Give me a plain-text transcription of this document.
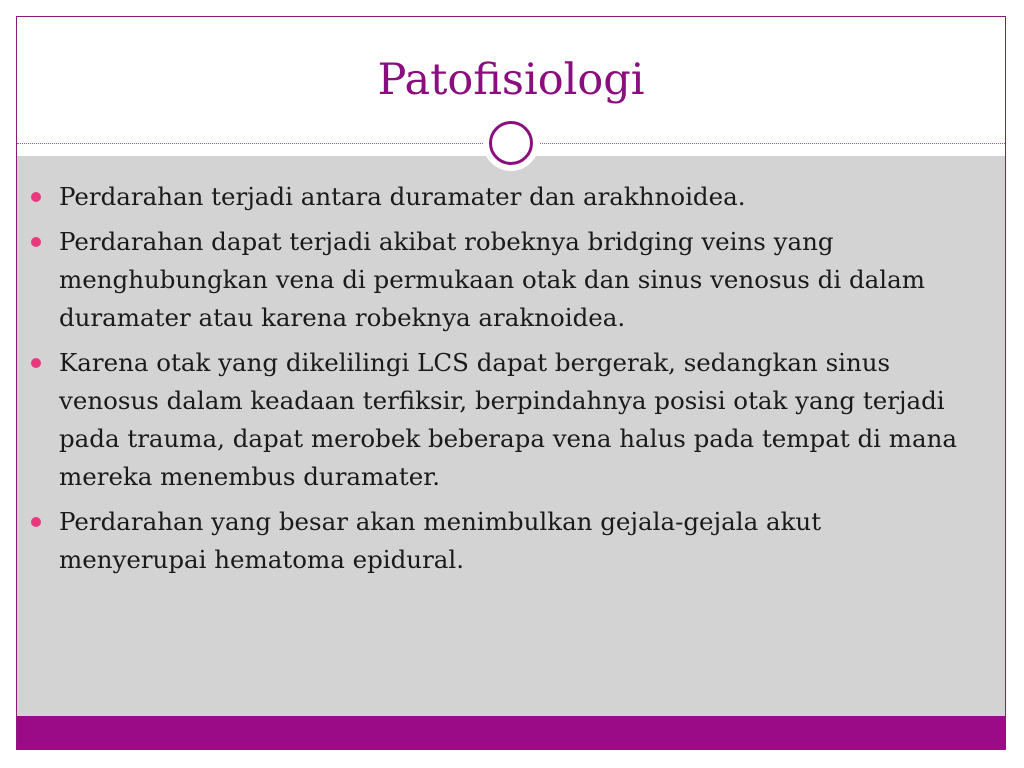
Patofisiologi
Perdarahan terjadi antara duramater dan arakhnoidea.
Perdarahan dapat terjadi akibat robeknya bridging veins yang menghubungkan vena di permukaan otak dan sinus venosus di dalam duramater atau karena robeknya araknoidea.
Karena otak yang dikelilingi LCS dapat bergerak, sedangkan sinus venosus dalam keadaan terfiksir, berpindahnya posisi otak yang terjadi pada trauma, dapat merobek beberapa vena halus pada tempat di mana mereka menembus duramater.
Perdarahan yang besar akan menimbulkan gejala-gejala akut menyerupai hematoma epidural.
